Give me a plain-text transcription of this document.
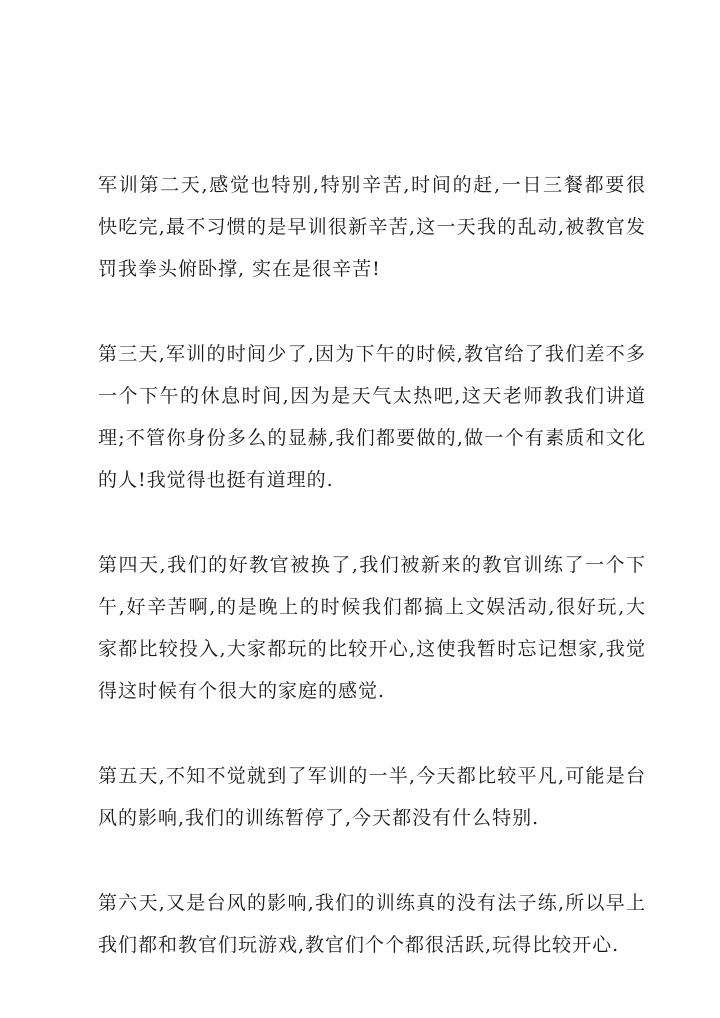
军训第二天,感觉也特别,特别辛苦,时间的赶,一日三餐都要很快吃完,最不习惯的是早训很新辛苦,这一天我的乱动,被教官发罚我拳头俯卧撑, 实在是很辛苦!

第三天,军训的时间少了,因为下午的时候,教官给了我们差不多一个下午的休息时间,因为是天气太热吧,这天老师教我们讲道理;不管你身份多么的显赫,我们都要做的,做一个有素质和文化的人!我觉得也挺有道理的.

第四天,我们的好教官被换了,我们被新来的教官训练了一个下午,好辛苦啊,的是晚上的时候我们都搞上文娱活动,很好玩,大家都比较投入,大家都玩的比较开心,这使我暂时忘记想家,我觉得这时候有个很大的家庭的感觉.

第五天,不知不觉就到了军训的一半,今天都比较平凡,可能是台风的影响,我们的训练暂停了,今天都没有什么特别.

第六天,又是台风的影响,我们的训练真的没有法子练,所以早上我们都和教官们玩游戏,教官们个个都很活跃,玩得比较开心.
